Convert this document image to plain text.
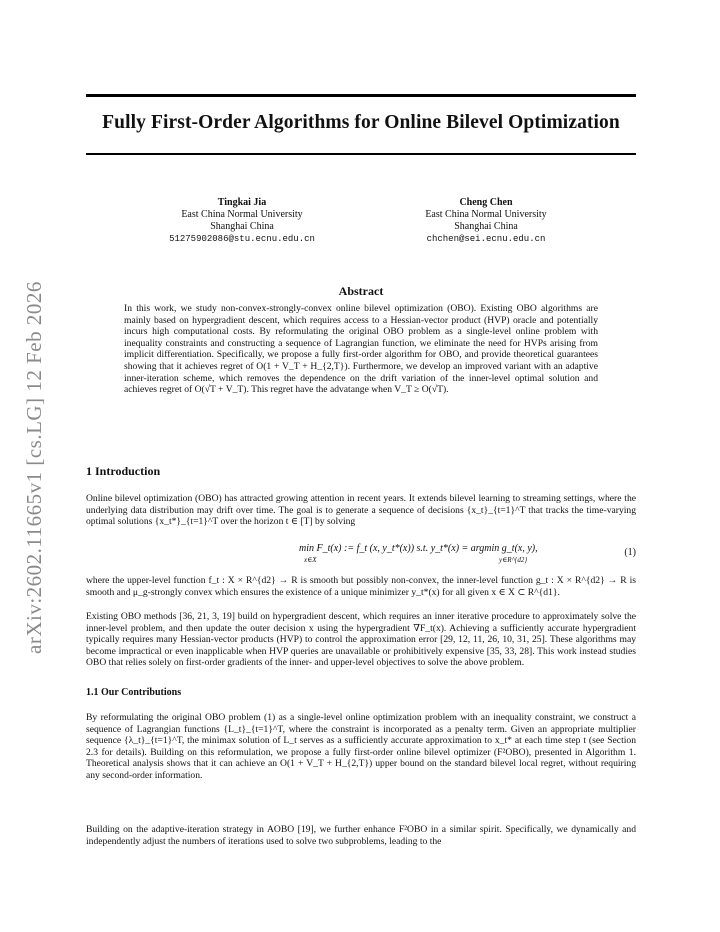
Fully First-Order Algorithms for Online Bilevel Optimization
arXiv:2602.11665v1 [cs.LG] 12 Feb 2026
Tingkai Jia
East China Normal University
Shanghai China
51275902086@stu.ecnu.edu.cn
Cheng Chen
East China Normal University
Shanghai China
chchen@sei.ecnu.edu.cn
Abstract
In this work, we study non-convex-strongly-convex online bilevel optimization (OBO). Existing OBO algorithms are mainly based on hypergradient descent, which requires access to a Hessian-vector product (HVP) oracle and potentially incurs high computational costs. By reformulating the original OBO problem as a single-level online problem with inequality constraints and constructing a sequence of Lagrangian function, we eliminate the need for HVPs arising from implicit differentiation. Specifically, we propose a fully first-order algorithm for OBO, and provide theoretical guarantees showing that it achieves regret of O(1 + V_T + H_{2,T}). Furthermore, we develop an improved variant with an adaptive inner-iteration scheme, which removes the dependence on the drift variation of the inner-level optimal solution and achieves regret of O(√T + V_T). This regret have the advatange when V_T ≥ O(√T).
1 Introduction
Online bilevel optimization (OBO) has attracted growing attention in recent years. It extends bilevel learning to streaming settings, where the underlying data distribution may drift over time. The goal is to generate a sequence of decisions {x_t}_{t=1}^T that tracks the time-varying optimal solutions {x_t*}_{t=1}^T over the horizon t ∈ [T] by solving
min F_t(x) := f_t (x, y_t*(x)) s.t. y_t*(x) = argmin g_t(x, y),
x∈X	y∈R^{d2}
(1)
where the upper-level function f_t : X × R^{d2} → R is smooth but possibly non-convex, the inner-level function g_t : X × R^{d2} → R is smooth and μ_g-strongly convex which ensures the existence of a unique minimizer y_t*(x) for all given x ∈ X ⊂ R^{d1}.
Existing OBO methods [36, 21, 3, 19] build on hypergradient descent, which requires an inner iterative procedure to approximately solve the inner-level problem, and then update the outer decision x using the hypergradient ∇F_t(x). Achieving a sufficiently accurate hypergradient typically requires many Hessian-vector products (HVP) to control the approximation error [29, 12, 11, 26, 10, 31, 25]. These algorithms may become impractical or even inapplicable when HVP queries are unavailable or prohibitively expensive [35, 33, 28]. This work instead studies OBO that relies solely on first-order gradients of the inner- and upper-level objectives to solve the above problem.
1.1 Our Contributions
By reformulating the original OBO problem (1) as a single-level online optimization problem with an inequality constraint, we construct a sequence of Lagrangian functions {L_t}_{t=1}^T, where the constraint is incorporated as a penalty term. Given an appropriate multiplier sequence {λ_t}_{t=1}^T, the minimax solution of L_t serves as a sufficiently accurate approximation to x_t* at each time step t (see Section 2.3 for details). Building on this reformulation, we propose a fully first-order online bilevel optimizer (F²OBO), presented in Algorithm 1. Theoretical analysis shows that it can achieve an O(1 + V_T + H_{2,T}) upper bound on the standard bilevel local regret, without requiring any second-order information.
Building on the adaptive-iteration strategy in AOBO [19], we further enhance F²OBO in a similar spirit. Specifically, we dynamically and independently adjust the numbers of iterations used to solve two subproblems, leading to the
